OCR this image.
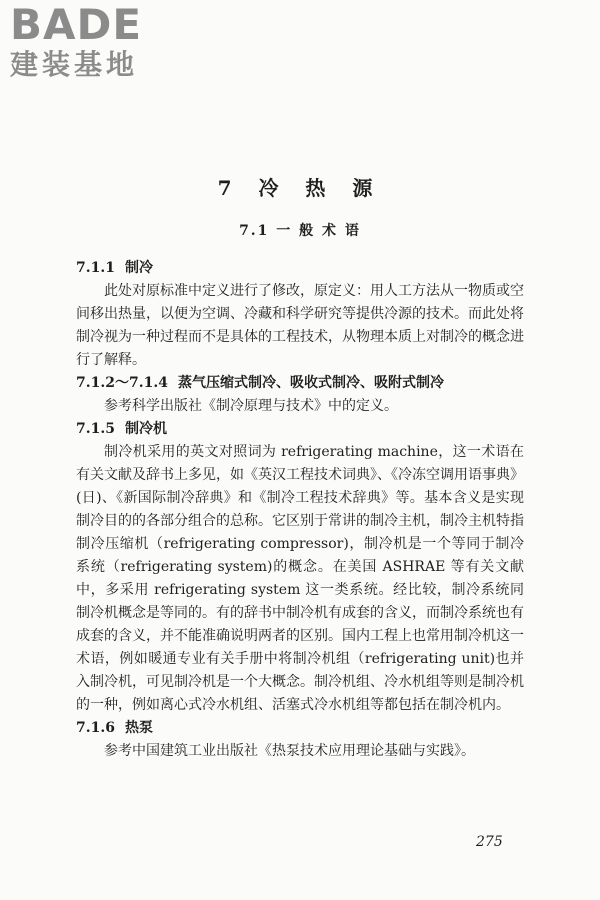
BADE
建装基地
7 冷 热 源
7.1 一 般 术 语
7.1.1 制冷

此处对原标准中定义进行了修改，原定义：用人工方法从一物质或空间移出热量，以便为空调、冷藏和科学研究等提供冷源的技术。而此处将制冷视为一种过程而不是具体的工程技术，从物理本质上对制冷的概念进行了解释。

7.1.2～7.1.4 蒸气压缩式制冷、吸收式制冷、吸附式制冷

参考科学出版社《制冷原理与技术》中的定义。

7.1.5 制冷机

制冷机采用的英文对照词为 refrigerating machine，这一术语在有关文献及辞书上多见，如《英汉工程技术词典》、《冷冻空调用语事典》(日)、《新国际制冷辞典》和《制冷工程技术辞典》等。基本含义是实现制冷目的的各部分组合的总称。它区别于常讲的制冷主机，制冷主机特指制冷压缩机（refrigerating compressor)，制冷机是一个等同于制冷系统（refrigerating system)的概念。在美国 ASHRAE 等有关文献中，多采用 refrigerating system 这一类系统。经比较，制冷系统同制冷机概念是等同的。有的辞书中制冷机有成套的含义，而制冷系统也有成套的含义，并不能准确说明两者的区别。国内工程上也常用制冷机这一术语，例如暖通专业有关手册中将制冷机组（refrigerating unit)也并入制冷机，可见制冷机是一个大概念。制冷机组、冷水机组等则是制冷机的一种，例如离心式冷水机组、活塞式冷水机组等都包括在制冷机内。

7.1.6 热泵

参考中国建筑工业出版社《热泵技术应用理论基础与实践》。

275
